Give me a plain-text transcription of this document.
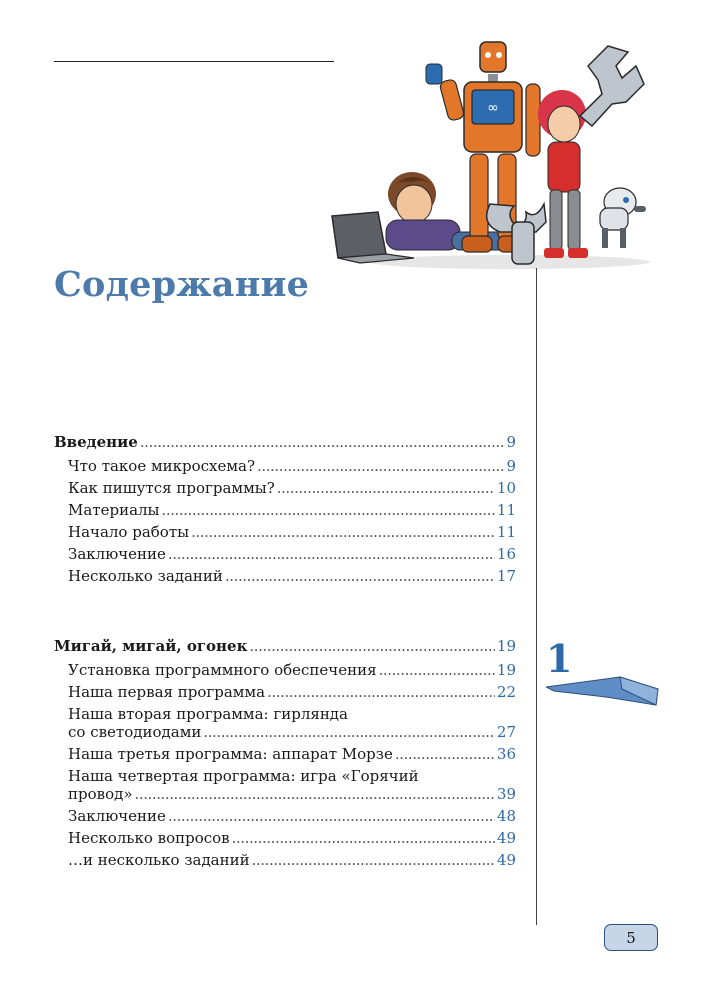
∞
Содержание
Введение . . .	9
Что такое микросхема? . . .	9
Как пишутся программы? . . .	10
Материалы . . .	11
Начало работы . . .	11
Заключение . . .	16
Несколько заданий . . .	17
Мигай, мигай, огонек . . .	19
Установка программного обеспечения . . .	19
Наша первая программа . . .	22
Наша вторая программа: гирлянда
со светодиодами . . .	27
Наша третья программа: аппарат Морзе . . .	36
Наша четвертая программа: игра «Горячий
провод» . . .	39
Заключение . . .	48
Несколько вопросов . . .	49
…и несколько заданий . . .	49
1
5
